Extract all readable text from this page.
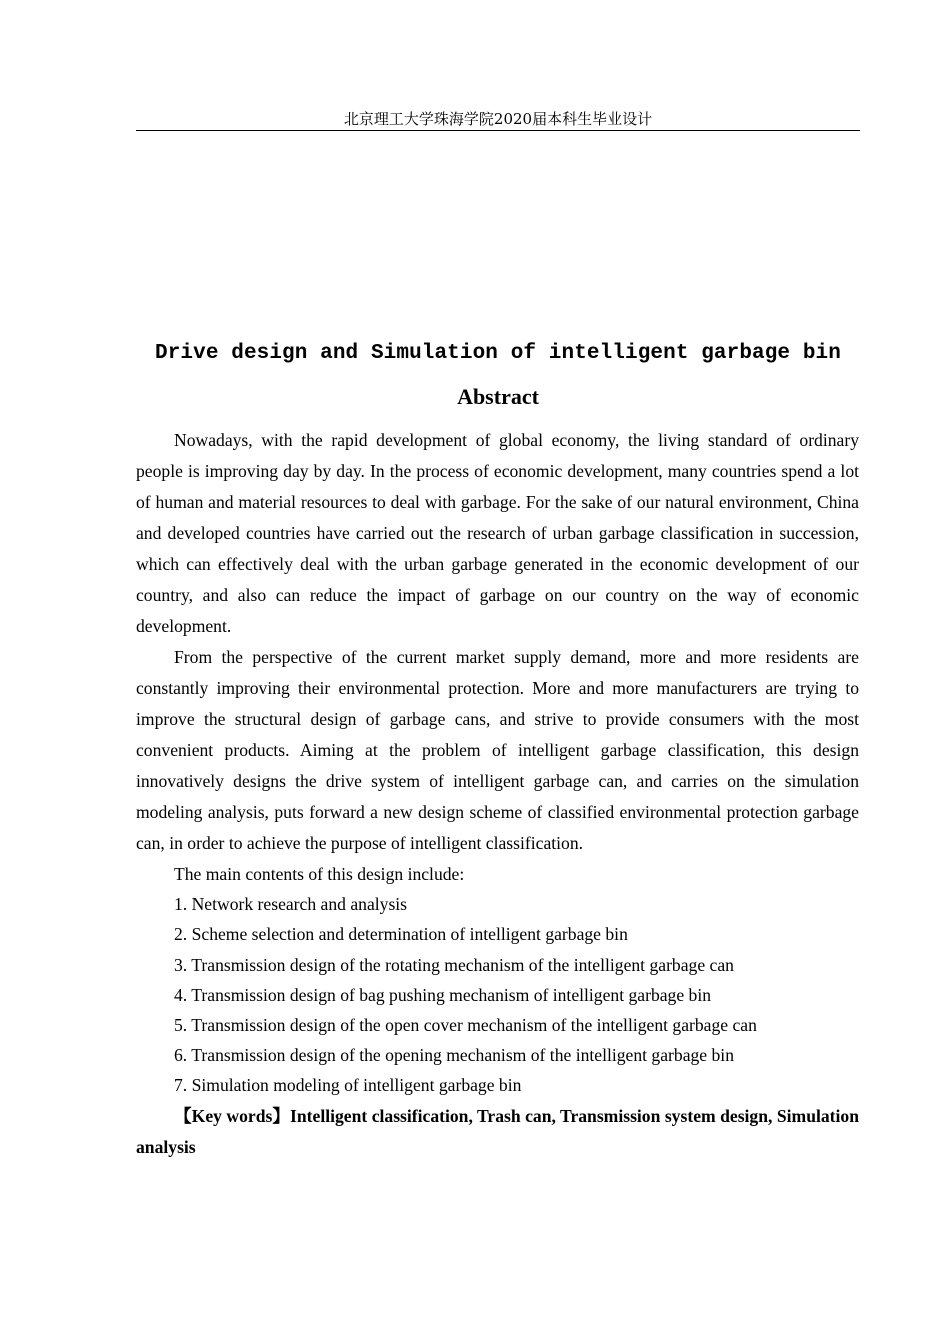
北京理工大学珠海学院2020届本科生毕业设计
Drive design and Simulation of intelligent garbage bin
Abstract

Nowadays, with the rapid development of global economy, the living standard of ordinary people is improving day by day. In the process of economic development, many countries spend a lot of human and material resources to deal with garbage. For the sake of our natural environment, China and developed countries have carried out the research of urban garbage classification in succession, which can effectively deal with the urban garbage generated in the economic development of our country, and also can reduce the impact of garbage on our country on the way of economic development.

From the perspective of the current market supply demand, more and more residents are constantly improving their environmental protection. More and more manufacturers are trying to improve the structural design of garbage cans, and strive to provide consumers with the most convenient products. Aiming at the problem of intelligent garbage classification, this design innovatively designs the drive system of intelligent garbage can, and carries on the simulation modeling analysis, puts forward a new design scheme of classified environmental protection garbage can, in order to achieve the purpose of intelligent classification.

The main contents of this design include:

1. Network research and analysis

2. Scheme selection and determination of intelligent garbage bin

3. Transmission design of the rotating mechanism of the intelligent garbage can

4. Transmission design of bag pushing mechanism of intelligent garbage bin

5. Transmission design of the open cover mechanism of the intelligent garbage can

6. Transmission design of the opening mechanism of the intelligent garbage bin

7. Simulation modeling of intelligent garbage bin

【Key words】Intelligent classification, Trash can, Transmission system design, Simulation analysis
